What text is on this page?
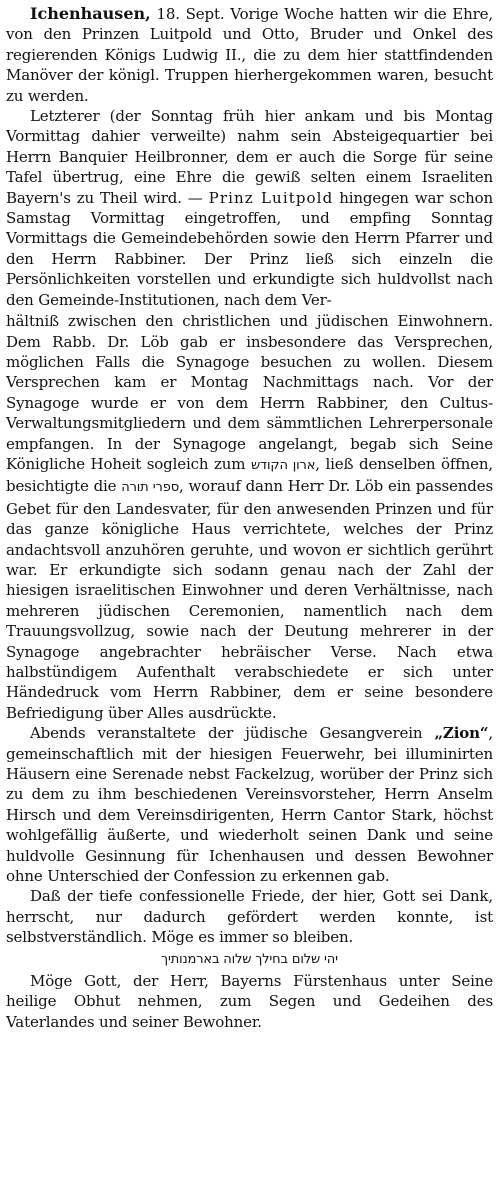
Ichenhausen, 18. Sept. Vorige Woche hatten wir die Ehre, von den Prinzen Luitpold und Otto, Bruder und Onkel des regierenden Königs Ludwig II., die zu dem hier stattfindenden Manöver der königl. Truppen hierhergekommen waren, besucht zu werden.

Letzterer (der Sonntag früh hier ankam und bis Montag Vormittag dahier verweilte) nahm sein Absteigequartier bei Herrn Banquier Heilbronner, dem er auch die Sorge für seine Tafel übertrug, eine Ehre die gewiß selten einem Israeliten Bayern's zu Theil wird. — Prinz Luitpold hingegen war schon Samstag Vormittag eingetroffen, und empfing Sonntag Vormittags die Gemeindebehörden sowie den Herrn Pfarrer und den Herrn Rabbiner. Der Prinz ließ sich einzeln die Persönlichkeiten vorstellen und erkundigte sich huldvollst nach den Gemeinde-Institutionen, nach dem Ver-

hältniß zwischen den christlichen und jüdischen Einwohnern. Dem Rabb. Dr. Löb gab er insbesondere das Versprechen, möglichen Falls die Synagoge besuchen zu wollen. Diesem Versprechen kam er Montag Nachmittags nach. Vor der Synagoge wurde er von dem Herrn Rabbiner, den Cultus-Verwaltungsmitgliedern und dem sämmtlichen Lehrerpersonale empfangen. In der Synagoge angelangt, begab sich Seine Königliche Hoheit sogleich zum ארון הקודש, ließ denselben öffnen, besichtigte die ספרי תורה, worauf dann Herr Dr. Löb ein passendes Gebet für den Landesvater, für den anwesenden Prinzen und für das ganze königliche Haus verrichtete, welches der Prinz andachtsvoll anzuhören geruhte, und wovon er sichtlich gerührt war. Er erkundigte sich sodann genau nach der Zahl der hiesigen israelitischen Einwohner und deren Verhältnisse, nach mehreren jüdischen Ceremonien, namentlich nach dem Trauungsvollzug, sowie nach der Deutung mehrerer in der Synagoge angebrachter hebräischer Verse. Nach etwa halbstündigem Aufenthalt verabschiedete er sich unter Händedruck vom Herrn Rabbiner, dem er seine besondere Befriedigung über Alles ausdrückte.

Abends veranstaltete der jüdische Gesangverein „Zion“, gemeinschaftlich mit der hiesigen Feuerwehr, bei illuminirten Häusern eine Serenade nebst Fackelzug, worüber der Prinz sich zu dem zu ihm beschiedenen Vereinsvorsteher, Herrn Anselm Hirsch und dem Vereinsdirigenten, Herrn Cantor Stark, höchst wohlgefällig äußerte, und wiederholt seinen Dank und seine huldvolle Gesinnung für Ichenhausen und dessen Bewohner ohne Unterschied der Confession zu erkennen gab.

Daß der tiefe confessionelle Friede, der hier, Gott sei Dank, herrscht, nur dadurch gefördert werden konnte, ist selbstverständlich. Möge es immer so bleiben.

יהי שלום בחילך שלוה בארמנותיך

Möge Gott, der Herr, Bayerns Fürstenhaus unter Seine heilige Obhut nehmen, zum Segen und Gedeihen des Vaterlandes und seiner Bewohner.
